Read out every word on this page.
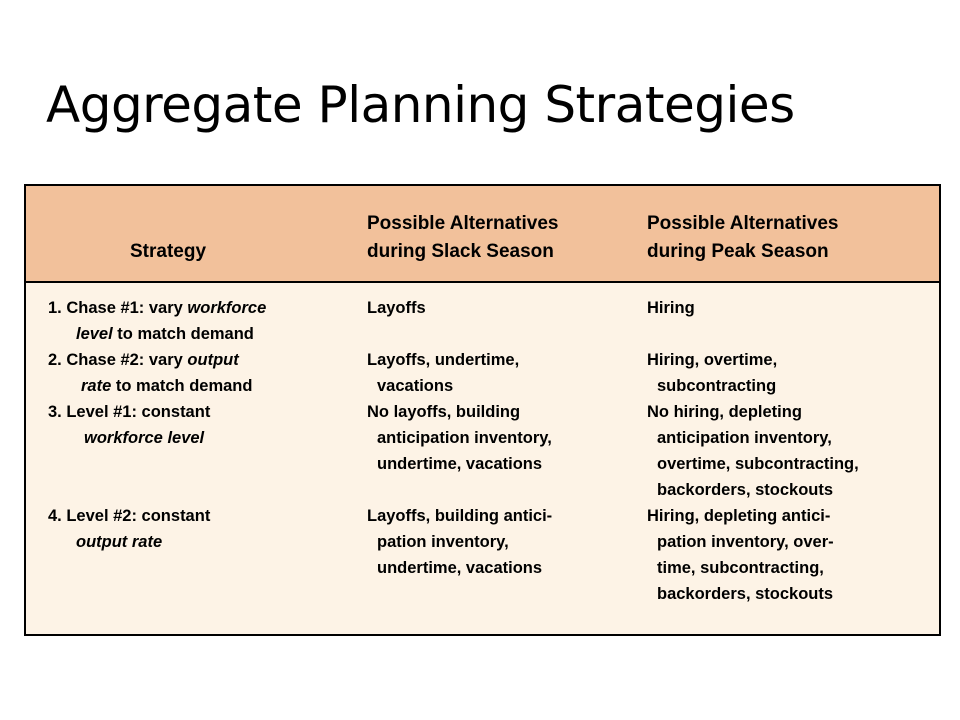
Aggregate Planning Strategies
Strategy
Possible Alternatives
during Slack Season
Possible Alternatives
during Peak Season
1. Chase #1: vary workforce
level to match demand
Layoffs	Hiring
2. Chase #2: vary output
rate to match demand
Layoffs, undertime,
vacations
Hiring, overtime,
subcontracting
3. Level #1: constant
workforce level
No layoffs, building
anticipation inventory,
undertime, vacations
No hiring, depleting
anticipation inventory,
overtime, subcontracting,
backorders, stockouts
4. Level #2: constant
output rate
Layoffs, building antici-
pation inventory,
undertime, vacations
Hiring, depleting antici-
pation inventory, over-
time, subcontracting,
backorders, stockouts
